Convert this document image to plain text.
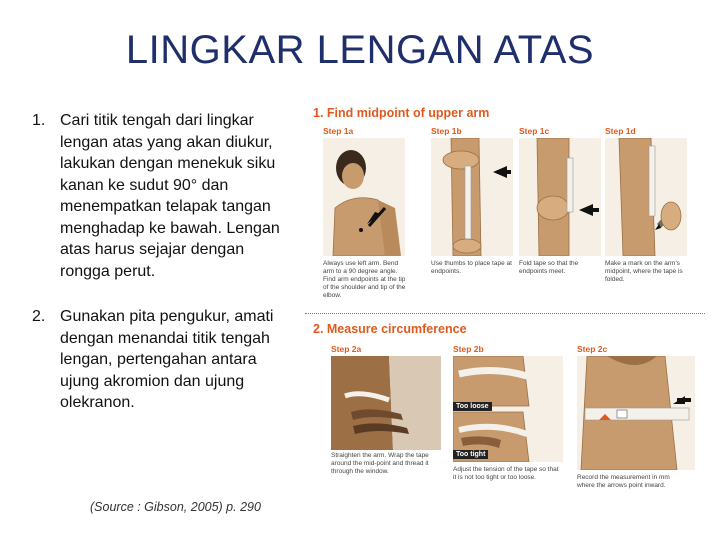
LINGKAR LENGAN ATAS
1. Cari titik tengah dari lingkar lengan atas yang akan diukur, lakukan dengan menekuk siku kanan ke sudut 90° dan menempatkan telapak tangan menghadap ke bawah. Lengan atas harus sejajar dengan rongga perut.
2. Gunakan pita pengukur, amati dengan menandai titik tengah lengan, pertengahan antara ujung akromion dan ujung olekranon.
(Source : Gibson, 2005) p. 290
1. Find midpoint of upper arm
Step 1a
Always use left arm. Bend arm to a 90 degree angle. Find arm endpoints at the tip of the shoulder and tip of the elbow.
Step 1b
Use thumbs to place tape at endpoints.
Step 1c
Fold tape so that the endpoints meet.
Step 1d
Make a mark on the arm's midpoint, where the tape is folded.
2. Measure circumference
Step 2a
Straighten the arm. Wrap the tape around the mid-point and thread it through the window.
Step 2b
Too loose
Too tight
Adjust the tension of the tape so that it is not too tight or too loose.
Step 2c
Record the measurement in mm where the arrows point inward.
